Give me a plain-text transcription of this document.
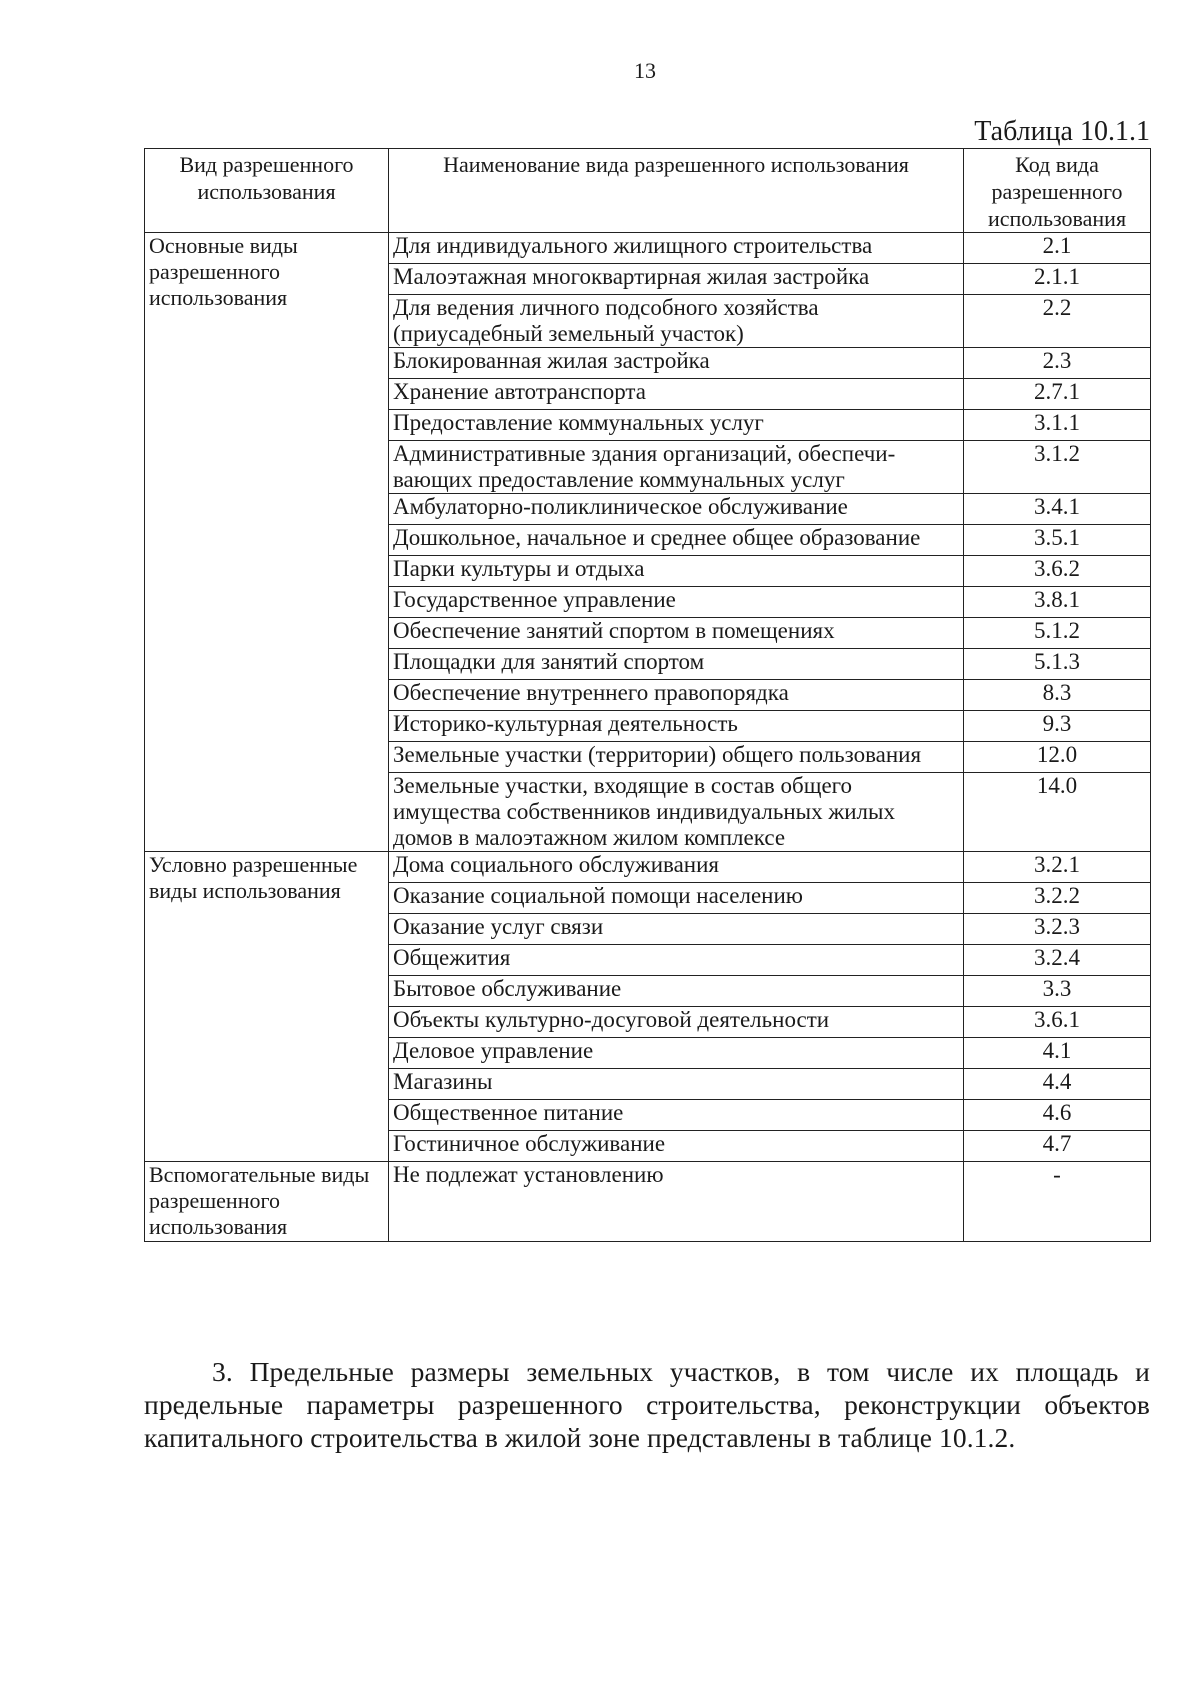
13
Таблица 10.1.1
Вид разрешенного использования	Наименование вида разрешенного использования	Код вида разрешенного использования
Основные виды разрешенного использования	Для индивидуального жилищного строительства	2.1
	Малоэтажная многоквартирная жилая застройка	2.1.1
	Для ведения личного подсобного хозяйства (приусадебный земельный участок)	2.2
	Блокированная жилая застройка	2.3
	Хранение автотранспорта	2.7.1
	Предоставление коммунальных услуг	3.1.1
	Административные здания организаций, обеспечи-вающих предоставление коммунальных услуг	3.1.2
	Амбулаторно-поликлиническое обслуживание	3.4.1
	Дошкольное, начальное и среднее общее образование	3.5.1
	Парки культуры и отдыха	3.6.2
	Государственное управление	3.8.1
	Обеспечение занятий спортом в помещениях	5.1.2
	Площадки для занятий спортом	5.1.3
	Обеспечение внутреннего правопорядка	8.3
	Историко-культурная деятельность	9.3
	Земельные участки (территории) общего пользования	12.0
	Земельные участки, входящие в состав общего имущества собственников индивидуальных жилых домов в малоэтажном жилом комплексе	14.0
Условно разрешенные виды использования	Дома социального обслуживания	3.2.1
	Оказание социальной помощи населению	3.2.2
	Оказание услуг связи	3.2.3
	Общежития	3.2.4
	Бытовое обслуживание	3.3
	Объекты культурно-досуговой деятельности	3.6.1
	Деловое управление	4.1
	Магазины	4.4
	Общественное питание	4.6
	Гостиничное обслуживание	4.7
Вспомогательные виды разрешенного использования	Не подлежат установлению	-
3. Предельные размеры земельных участков, в том числе их площадь и предельные параметры разрешенного строительства, реконструкции объектов капитального строительства в жилой зоне представлены в таблице 10.1.2.
